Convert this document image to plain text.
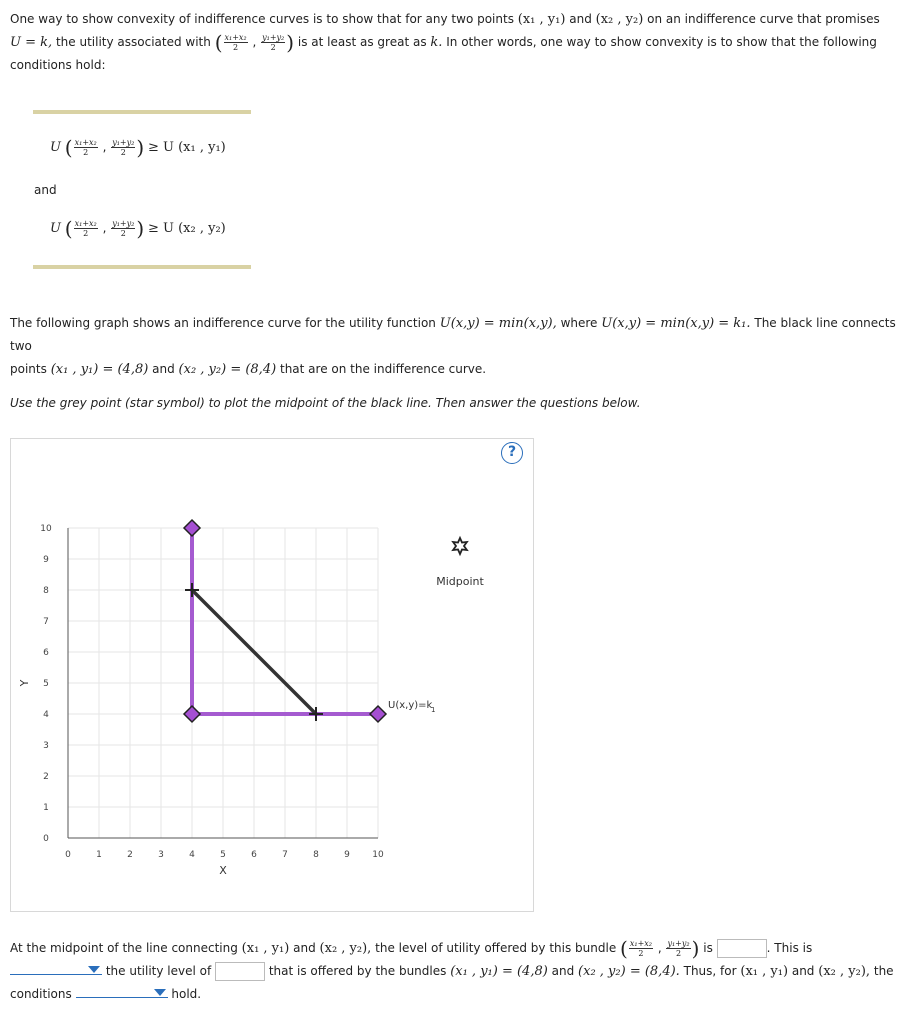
One way to show convexity of indifference curves is to show that for any two points (x₁ , y₁) and (x₂ , y₂) on an indifference curve that promises
U = k, the utility associated with ( $\frac{\text{x₁+x₂}}{2}$ , $\frac{\text{y₁+y₂}}{2}$ ) is at least as great as k. In other words, one way to show convexity is to show that the following
conditions hold:
U ( $\frac{\text{x₁+x₂}}{2}$ , $\frac{\text{y₁+y₂}}{2}$ ) ≥ U (x₁ , y₁)
and
U ( $\frac{\text{x₁+x₂}}{2}$ , $\frac{\text{y₁+y₂}}{2}$ ) ≥ U (x₂ , y₂)
The following graph shows an indifference curve for the utility function U(x,y) = min(x,y), where U(x,y) = min(x,y) = k₁. The black line connects two
points (x₁ , y₁) = (4,8) and (x₂ , y₂) = (8,4) that are on the indifference curve.
Use the grey point (star symbol) to plot the midpoint of the black line. Then answer the questions below.
0	1	2	3	4	5	6	7	8	9 10
0
1
2
3
4
5
6
7
8
9
10
X
Y
U(x,y)=k
1
Midpoint
?
At the midpoint of the line connecting (x₁ , y₁) and (x₂ , y₂), the level of utility offered by this bundle ( $\frac{\text{x₁+x₂}}{2}$ , $\frac{\text{y₁+y₂}}{2}$ ) is	. This is

the utility level of	that is offered by the bundles (x₁ , y₁) = (4,8) and (x₂ , y₂) = (8,4). Thus, for (x₁ , y₁) and (x₂ , y₂), the
conditions	hold.
